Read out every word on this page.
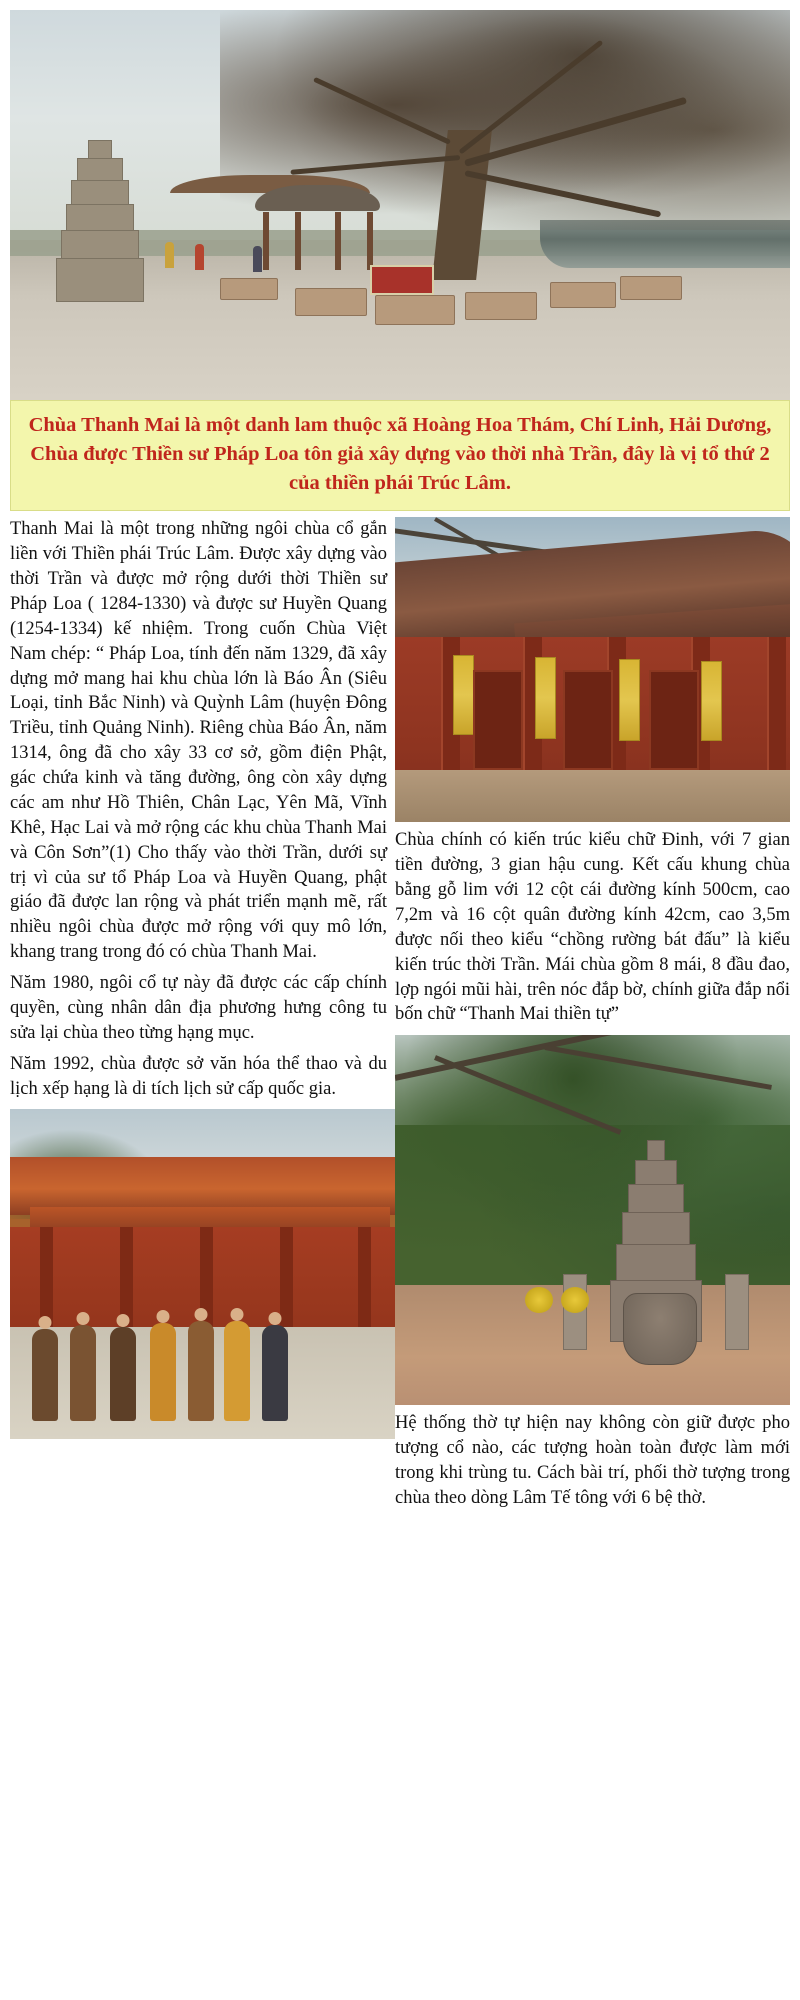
Chùa Thanh Mai là một danh lam thuộc xã Hoàng Hoa Thám, Chí Linh, Hải Dương, Chùa được Thiền sư Pháp Loa tôn giả xây dựng vào thời nhà Trần, đây là vị tổ thứ 2 của thiền phái Trúc Lâm.

Thanh Mai là một trong những ngôi chùa cổ gắn liền với Thiền phái Trúc Lâm. Được xây dựng vào thời Trần và được mở rộng dưới thời Thiền sư Pháp Loa ( 1284-1330) và được sư Huyền Quang (1254-1334) kế nhiệm. Trong cuốn Chùa Việt Nam chép: “ Pháp Loa, tính đến năm 1329, đã xây dựng mở mang hai khu chùa lớn là Báo Ân (Siêu Loại, tỉnh Bắc Ninh) và Quỳnh Lâm (huyện Đông Triều, tỉnh Quảng Ninh). Riêng chùa Báo Ân, năm 1314, ông đã cho xây 33 cơ sở, gồm điện Phật, gác chứa kinh và tăng đường, ông còn xây dựng các am như Hồ Thiên, Chân Lạc, Yên Mã, Vĩnh Khê, Hạc Lai và mở rộng các khu chùa Thanh Mai và Côn Sơn”(1) Cho thấy vào thời Trần, dưới sự trị vì của sư tổ Pháp Loa và Huyền Quang, phật giáo đã được lan rộng và phát triển mạnh mẽ, rất nhiều ngôi chùa được mở rộng với quy mô lớn, khang trang trong đó có chùa Thanh Mai.

Năm 1980, ngôi cổ tự này đã được các cấp chính quyền, cùng nhân dân địa phương hưng công tu sửa lại chùa theo từng hạng mục.

Năm 1992, chùa được sở văn hóa thể thao và du lịch xếp hạng là di tích lịch sử cấp quốc gia.

Chùa chính có kiến trúc kiểu chữ Đinh, với 7 gian tiền đường, 3 gian hậu cung. Kết cấu khung chùa bằng gỗ lim với 12 cột cái đường kính 500cm, cao 7,2m và 16 cột quân đường kính 42cm, cao 3,5m được nối theo kiểu “chồng rường bát đấu” là kiểu kiến trúc thời Trần. Mái chùa gồm 8 mái, 8 đầu đao, lợp ngói mũi hài, trên nóc đắp bờ, chính giữa đắp nổi bốn chữ “Thanh Mai thiền tự”

Hệ thống thờ tự hiện nay không còn giữ được pho tượng cổ nào, các tượng hoàn toàn được làm mới trong khi trùng tu. Cách bài trí, phối thờ tượng trong chùa theo dòng Lâm Tế tông với 6 bệ thờ.
